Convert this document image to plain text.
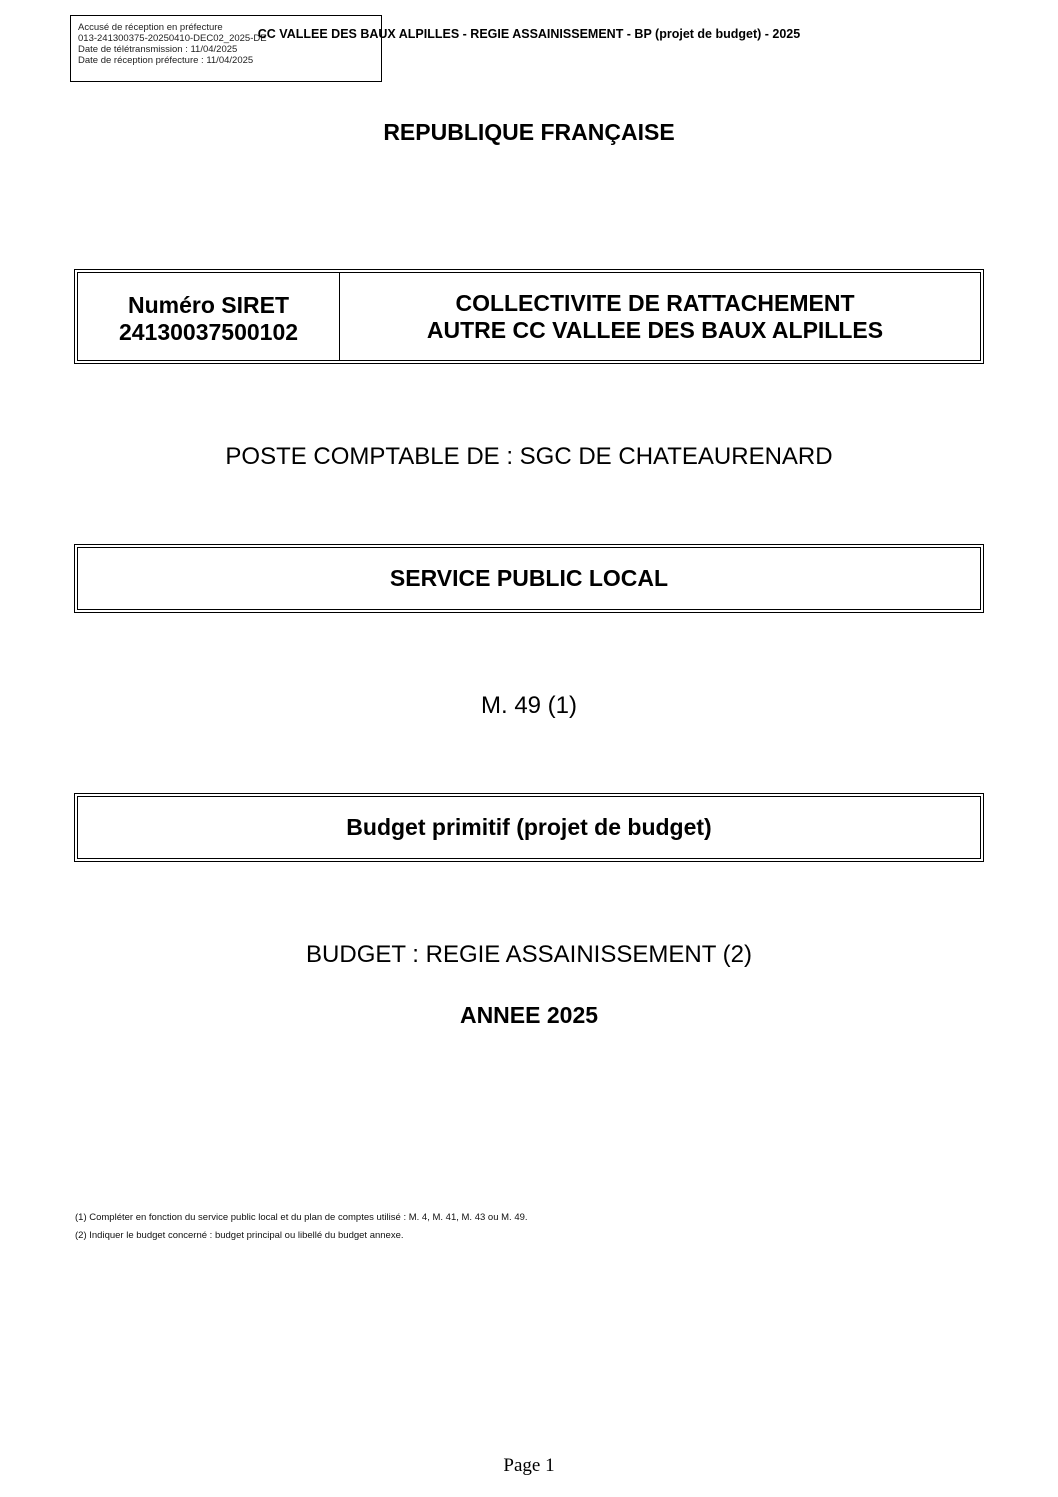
Accusé de réception en préfecture
013-241300375-20250410-DEC02_2025-DE
Date de télétransmission : 11/04/2025
Date de réception préfecture : 11/04/2025
CC VALLEE DES BAUX ALPILLES - REGIE ASSAINISSEMENT - BP (projet de budget) - 2025
REPUBLIQUE FRANÇAISE
Numéro SIRET
24130037500102
COLLECTIVITE DE RATTACHEMENT
AUTRE CC VALLEE DES BAUX ALPILLES
POSTE COMPTABLE DE : SGC DE CHATEAURENARD
SERVICE PUBLIC LOCAL
M. 49 (1)
Budget primitif (projet de budget)
BUDGET : REGIE ASSAINISSEMENT (2)
ANNEE 2025
(1) Compléter en fonction du service public local et du plan de comptes utilisé : M. 4, M. 41, M. 43 ou M. 49.
(2) Indiquer le budget concerné : budget principal ou libellé du budget annexe.
Page 1
